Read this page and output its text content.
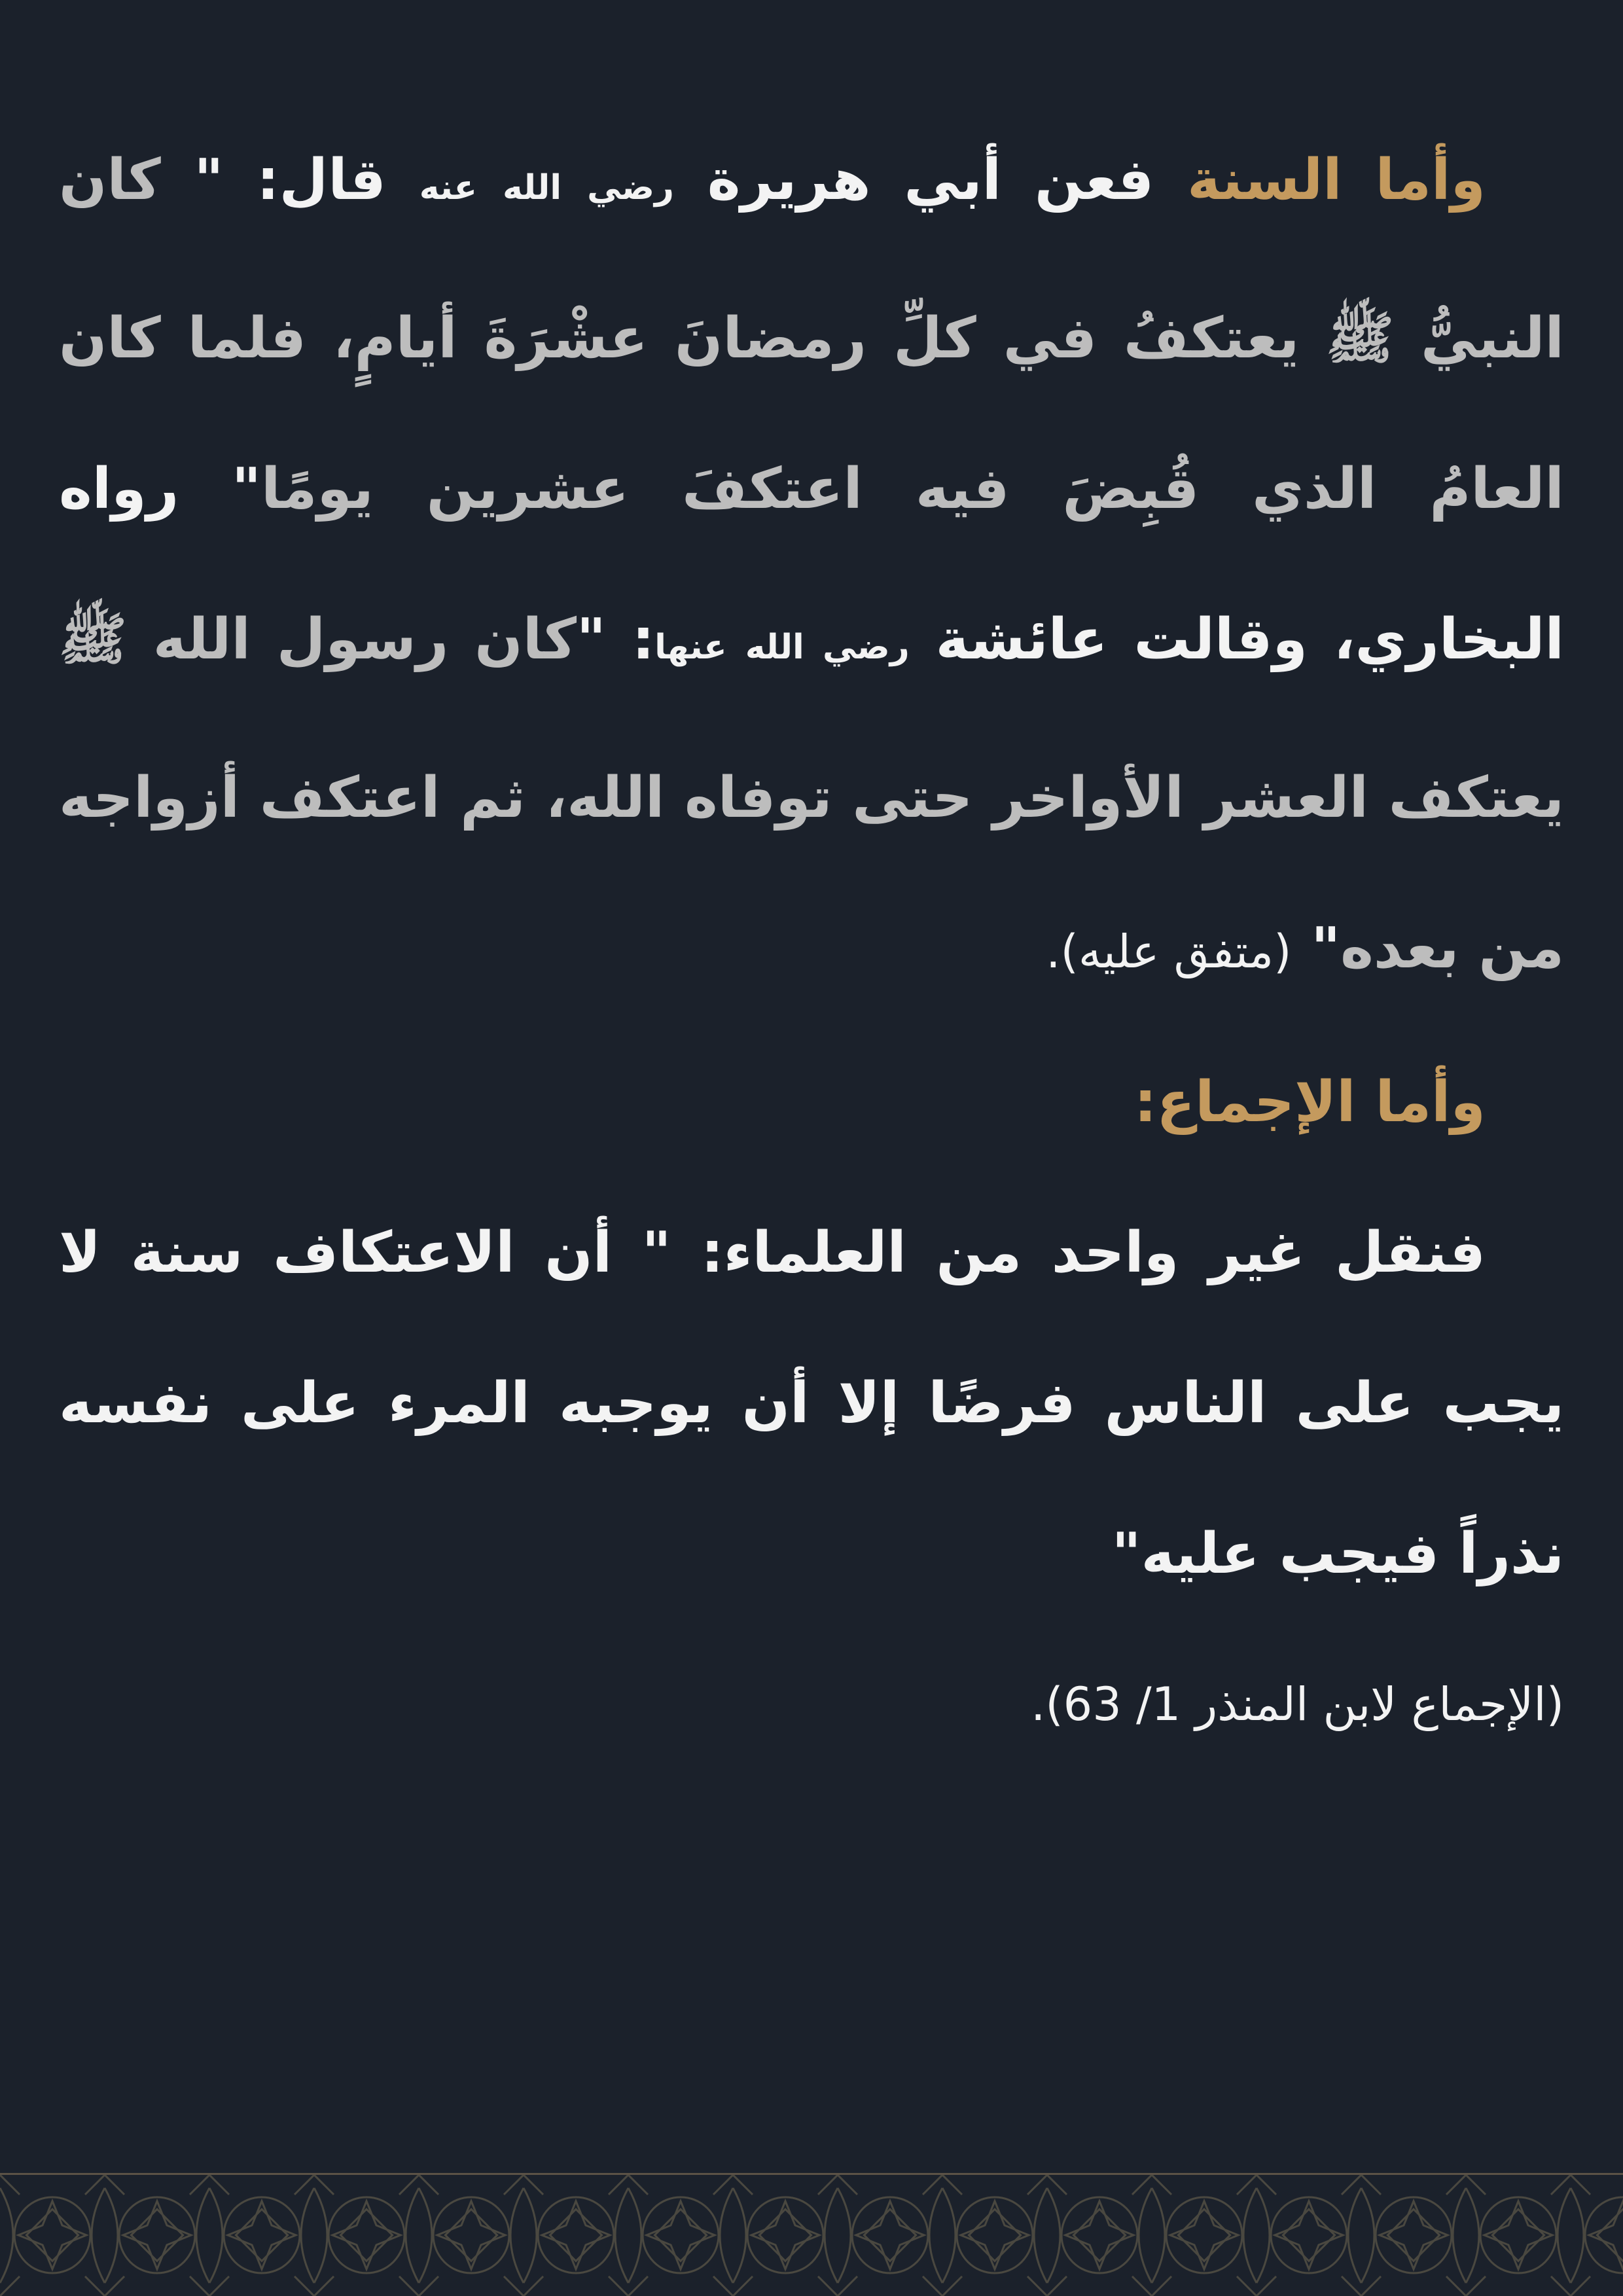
وأما السنة فعن أبي هريرة رضي الله عنه قال: " كان النبيُّ ﷺ يعتكفُ في كلِّ رمضانَ عشْرَةَ أيامٍ، فلما كان العامُ الذي قُبِضَ فيه اعتكفَ عشرين يومًا" رواه البخاري، وقالت عائشة رضي الله عنها: "كان رسول الله ﷺ يعتكف العشر الأواخر حتى توفاه الله، ثم اعتكف أزواجه من بعده" (متفق عليه).

وأما الإجماع:

فنقل غير واحد من العلماء: " أن الاعتكاف سنة لا يجب على الناس فرضًا إلا أن يوجبه المرء على نفسه نذراً فيجب عليه"

(الإجماع لابن المنذر 1/ 63).
